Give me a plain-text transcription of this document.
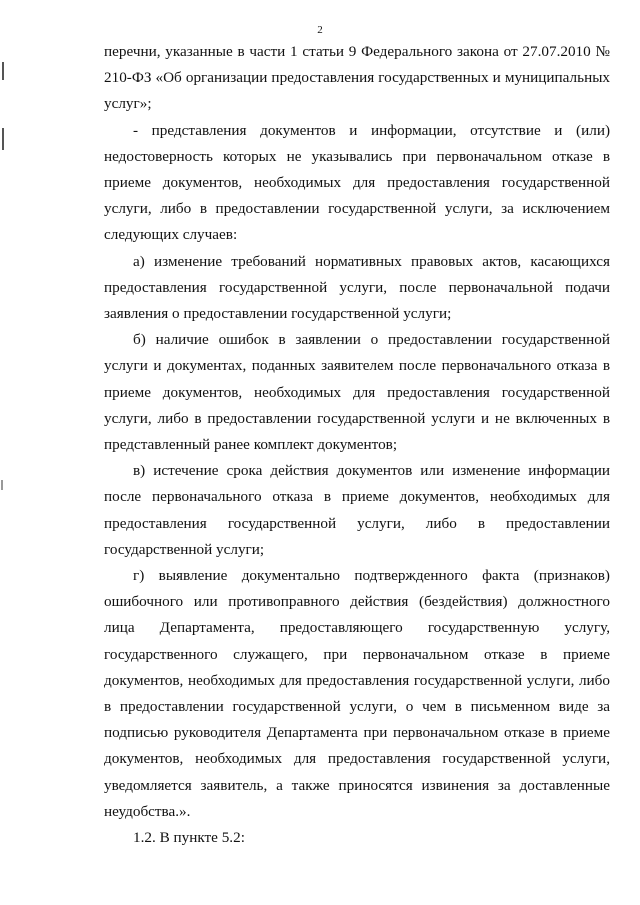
2

перечни, указанные в части 1 статьи 9 Федерального закона от 27.07.2010 № 210-ФЗ «Об организации предоставления государственных и муниципальных услуг»;

- представления документов и информации, отсутствие и (или) недостоверность которых не указывались при первоначальном отказе в приеме документов, необходимых для предоставления государственной услуги, либо в предоставлении государственной услуги, за исключением следующих случаев:

а) изменение требований нормативных правовых актов, касающихся предоставления государственной услуги, после первоначальной подачи заявления о предоставлении государственной услуги;

б) наличие ошибок в заявлении о предоставлении государственной услуги и документах, поданных заявителем после первоначального отказа в приеме документов, необходимых для предоставления государственной услуги, либо в предоставлении государственной услуги и не включенных в представленный ранее комплект документов;

в) истечение срока действия документов или изменение информации после первоначального отказа в приеме документов, необходимых для предоставления государственной услуги, либо в предоставлении государственной услуги;

г) выявление документально подтвержденного факта (признаков) ошибочного или противоправного действия (бездействия) должностного лица Департамента, предоставляющего государственную услугу, государственного служащего, при первоначальном отказе в приеме документов, необходимых для предоставления государственной услуги, либо в предоставлении государственной услуги, о чем в письменном виде за подписью руководителя Департамента при первоначальном отказе в приеме документов, необходимых для предоставления государственной услуги, уведомляется заявитель, а также приносятся извинения за доставленные неудобства.».

1.2. В пункте 5.2:
